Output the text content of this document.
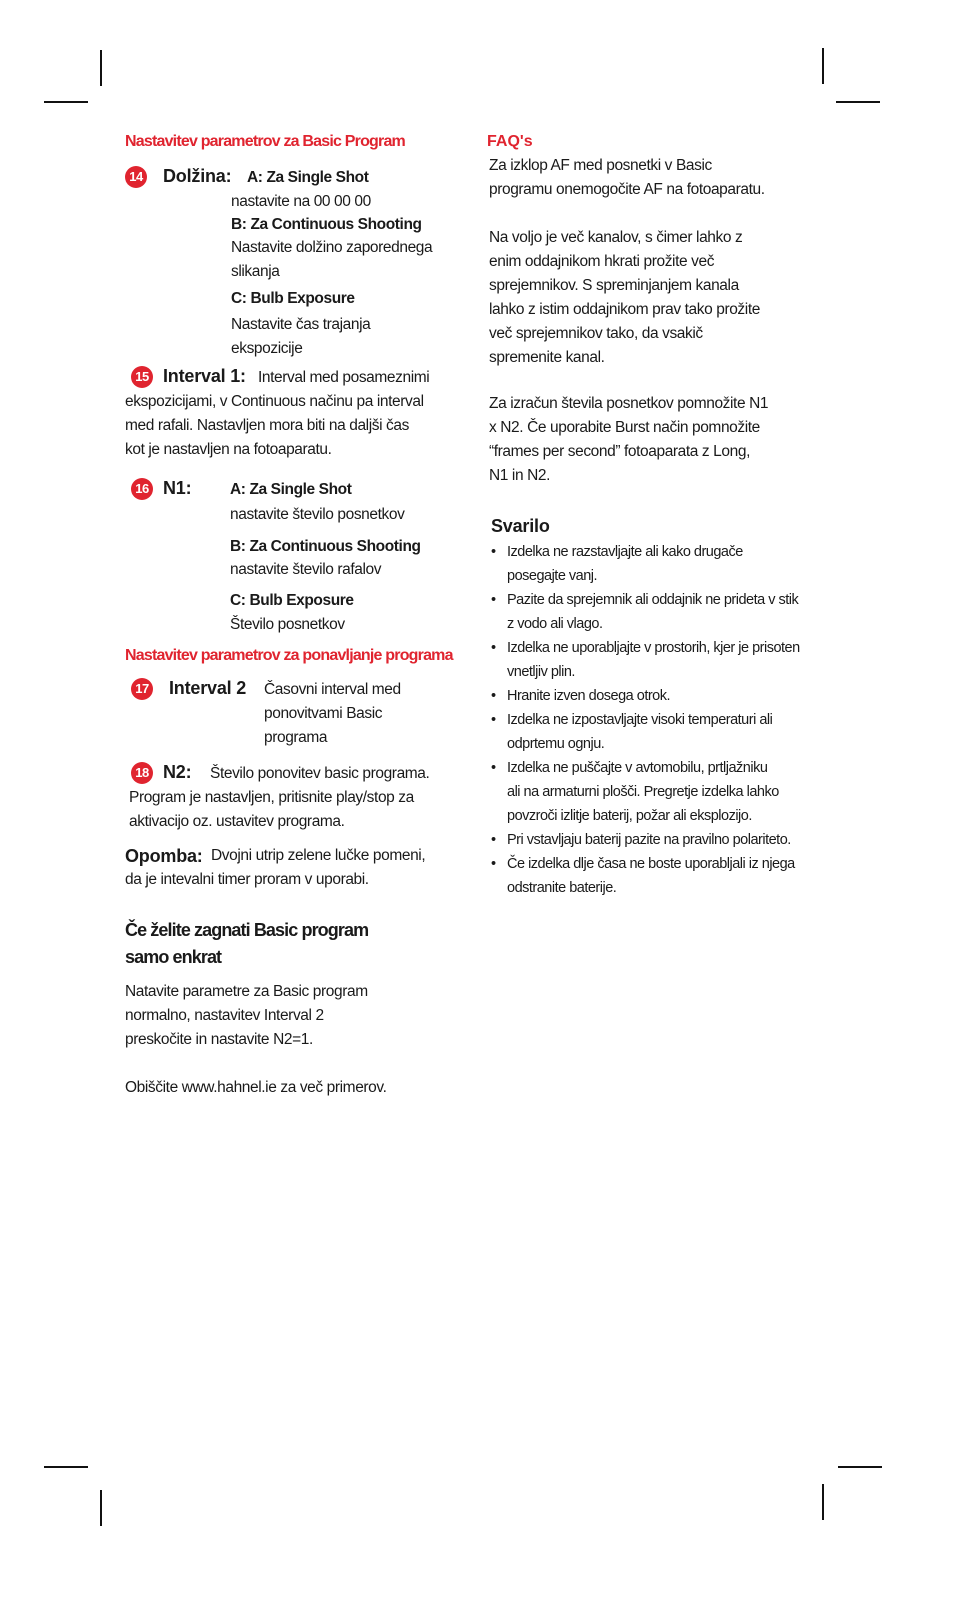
Nastavitev parametrov za Basic Program
14 Dolžina: A: Za Single Shot
nastavite na 00 00 00
B: Za Continuous Shooting
Nastavite dolžino zaporednega
slikanja
C: Bulb Exposure
Nastavite čas trajanja
ekspozicije
15 Interval 1: Interval med posameznimi
ekspozicijami, v Continuous načinu pa interval
med rafali. Nastavljen mora biti na daljši čas
kot je nastavljen na fotoaparatu.
16 N1: A: Za Single Shot
nastavite število posnetkov
B: Za Continuous Shooting
nastavite število rafalov
C: Bulb Exposure
Število posnetkov
Nastavitev parametrov za ponavljanje programa
17 Interval 2 Časovni interval med
ponovitvami Basic
programa
18 N2: Število ponovitev basic programa.
Program je nastavljen, pritisnite play/stop za
aktivacijo oz. ustavitev programa.
Opomba: Dvojni utrip zelene lučke pomeni,
da je intevalni timer proram v uporabi.
Če želite zagnati Basic program
samo enkrat
Natavite parametre za Basic program
normalno, nastavitev Interval 2
preskočite in nastavite N2=1.
Obiščite www.hahnel.ie za več primerov.
FAQ's
Za izklop AF med posnetki v Basic
programu onemogočite AF na fotoaparatu.
Na voljo je več kanalov, s čimer lahko z
enim oddajnikom hkrati prožite več
sprejemnikov. S spreminjanjem kanala
lahko z istim oddajnikom prav tako prožite
več sprejemnikov tako, da vsakič
spremenite kanal.
Za izračun števila posnetkov pomnožite N1
x N2. Če uporabite Burst način pomnožite
“frames per second” fotoaparata z Long,
N1 in N2.
Svarilo
• Izdelka ne razstavljajte ali kako drugače
posegajte vanj.
• Pazite da sprejemnik ali oddajnik ne prideta v stik
z vodo ali vlago.
• Izdelka ne uporabljajte v prostorih, kjer je prisoten
vnetljiv plin.
• Hranite izven dosega otrok.
• Izdelka ne izpostavljajte visoki temperaturi ali
odprtemu ognju.
• Izdelka ne puščajte v avtomobilu, prtljažniku
ali na armaturni plošči. Pregretje izdelka lahko
povzroči izlitje baterij, požar ali eksplozijo.
• Pri vstavljaju baterij pazite na pravilno polariteto.
• Če izdelka dlje časa ne boste uporabljali iz njega
odstranite baterije.
